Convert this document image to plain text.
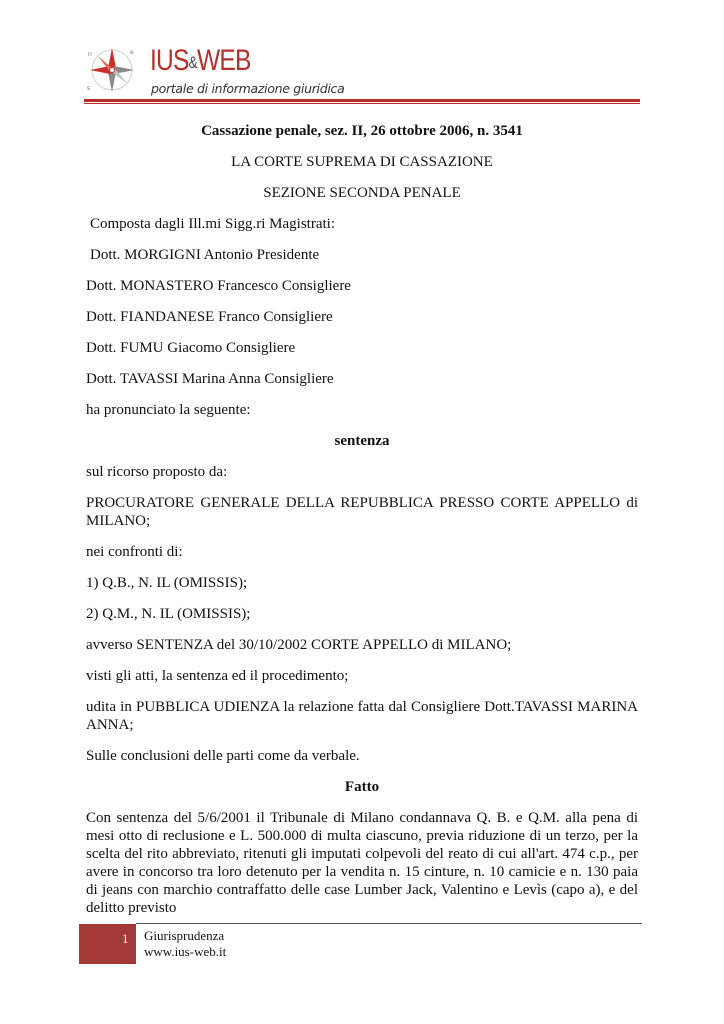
n	e
s
IUS&WEB
portale di informazione giuridica

Cassazione penale, sez. II, 26 ottobre 2006, n. 3541

LA CORTE SUPREMA DI CASSAZIONE

SEZIONE SECONDA PENALE

Composta dagli Ill.mi Sigg.ri Magistrati:

Dott. MORGIGNI Antonio Presidente

Dott. MONASTERO Francesco Consigliere

Dott. FIANDANESE Franco Consigliere

Dott. FUMU Giacomo Consigliere

Dott. TAVASSI Marina Anna Consigliere

ha pronunciato la seguente:

sentenza

sul ricorso proposto da:

PROCURATORE GENERALE DELLA REPUBBLICA PRESSO CORTE APPELLO di MILANO;

nei confronti di:

1) Q.B., N. IL (OMISSIS);

2) Q.M., N. IL (OMISSIS);

avverso SENTENZA del 30/10/2002 CORTE APPELLO di MILANO;

visti gli atti, la sentenza ed il procedimento;

udita in PUBBLICA UDIENZA la relazione fatta dal Consigliere Dott.TAVASSI MARINA ANNA;

Sulle conclusioni delle parti come da verbale.

Fatto

Con sentenza del 5/6/2001 il Tribunale di Milano condannava Q. B. e Q.M. alla pena di mesi otto di reclusione e L. 500.000 di multa ciascuno, previa riduzione di un terzo, per la scelta del rito abbreviato, ritenuti gli imputati colpevoli del reato di cui all'art. 474 c.p., per avere in concorso tra loro detenuto per la vendita n. 15 cinture, n. 10 camicie e n. 130 paia di jeans con marchio contraffatto delle case Lumber Jack, Valentino e Levìs (capo a), e del delitto previsto

1 Giurisprudenza
www.ius-web.it
